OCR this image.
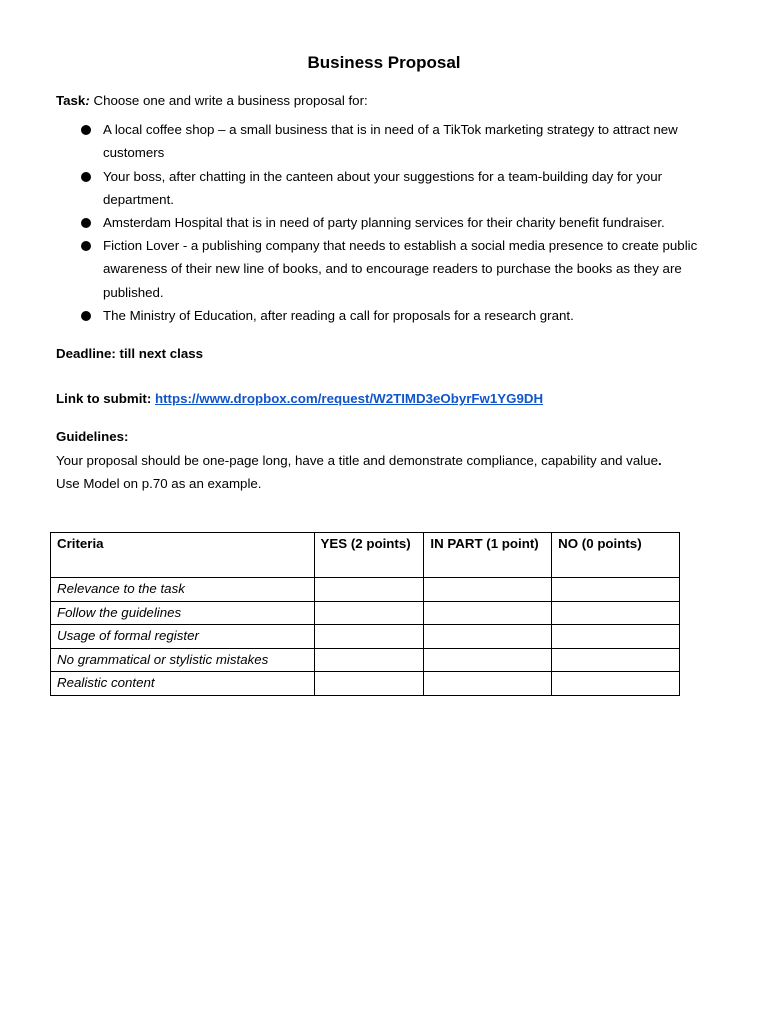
Business Proposal

Task: Choose one and write a business proposal for:

A local coffee shop – a small business that is in need of a TikTok marketing strategy to attract new customers
Your boss, after chatting in the canteen about your suggestions for a team-building day for your department.
Amsterdam Hospital that is in need of party planning services for their charity benefit fundraiser.
Fiction Lover - a publishing company that needs to establish a social media presence to create public awareness of their new line of books, and to encourage readers to purchase the books as they are published.
The Ministry of Education, after reading a call for proposals for a research grant.

Deadline: till next class

Link to submit: https://www.dropbox.com/request/W2TIMD3eObyrFw1YG9DH

Guidelines:

Your proposal should be one-page long, have a title and demonstrate compliance, capability and value.

Use Model on p.70 as an example.

Criteria	YES (2 points)	IN PART (1 point)	NO (0 points)
Relevance to the task			
Follow the guidelines			
Usage of formal register			
No grammatical or stylistic mistakes			
Realistic content			
